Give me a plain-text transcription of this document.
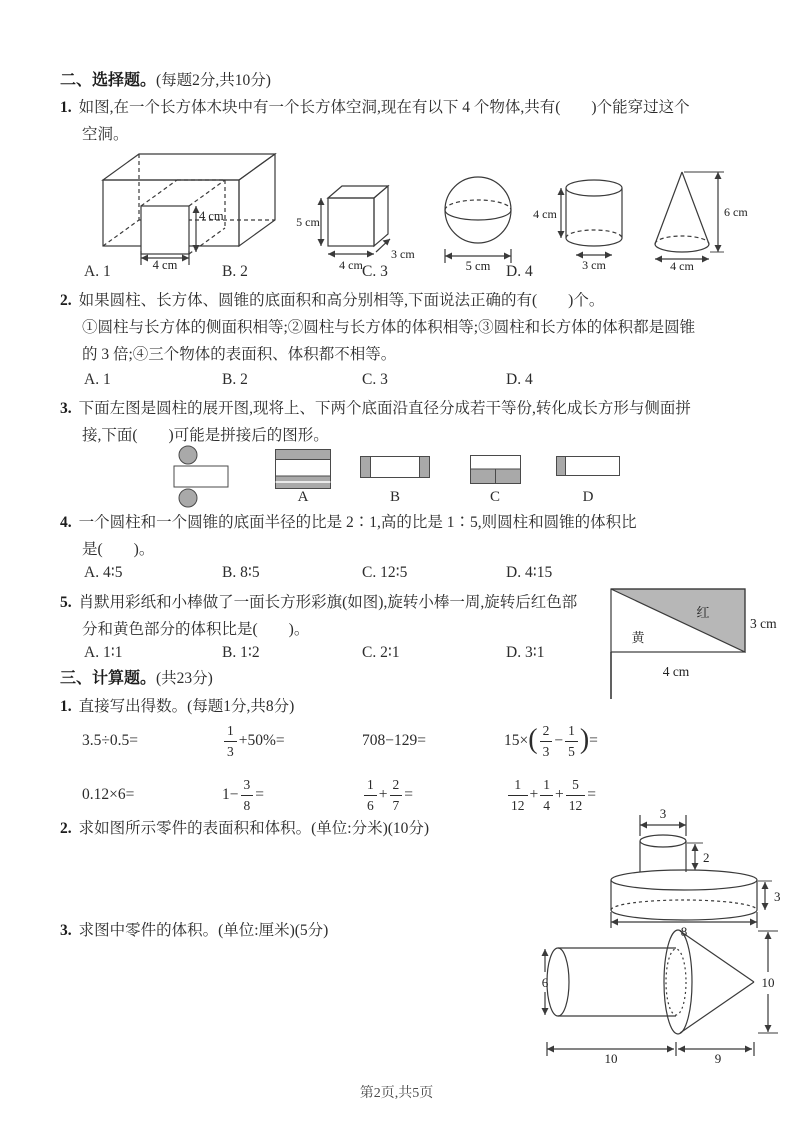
二、选择题。(每题2分,共10分)
1. 如图,在一个长方体木块中有一个长方体空洞,现在有以下 4 个物体,共有(　　)个能穿过这个
空洞。
4 cm
4 cm
5 cm
4 cm
3 cm
5 cm
4 cm
3 cm
6 cm
4 cm
A. 1	B. 2	C. 3	D. 4
2. 如果圆柱、长方体、圆锥的底面积和高分别相等,下面说法正确的有(　　)个。
①圆柱与长方体的侧面积相等;②圆柱与长方体的体积相等;③圆柱和长方体的体积都是圆锥
的 3 倍;④三个物体的表面积、体积都不相等。
A. 1	B. 2	C. 3	D. 4
3. 下面左图是圆柱的展开图,现将上、下两个底面沿直径分成若干等份,转化成长方形与侧面拼
接,下面(　　)可能是拼接后的图形。
A	B	C	D
4. 一个圆柱和一个圆锥的底面半径的比是 2∶1,高的比是 1∶5,则圆柱和圆锥的体积比
是(　　)。
A. 4∶5	B. 8∶5	C. 12∶5	D. 4∶15
5. 肖默用彩纸和小棒做了一面长方形彩旗(如图),旋转小棒一周,旋转后红色部
分和黄色部分的体积比是(　　)。
A. 1∶1	B. 1∶2	C. 2∶1	D. 3∶1
红
黄
3 cm
4 cm
三、计算题。(共23分)
1. 直接写出得数。(每题1分,共8分)
3.5÷0.5=	$\frac{1}{3} +50\%=$	708−129=	15× ( $\frac{2}{3} - \frac{1}{5}$ ) =
0.12×6=	$1- \frac{3}{8}$ =	$\frac{1}{6} + \frac{2}{7}$ =	$\frac{1}{12} + \frac{1}{4} + \frac{5}{12}$ =
2. 求如图所示零件的表面积和体积。(单位:分米)(10分)
3
2
3
8
3. 求图中零件的体积。(单位:厘米)(5分)
6	10
10	9
第2页,共5页
